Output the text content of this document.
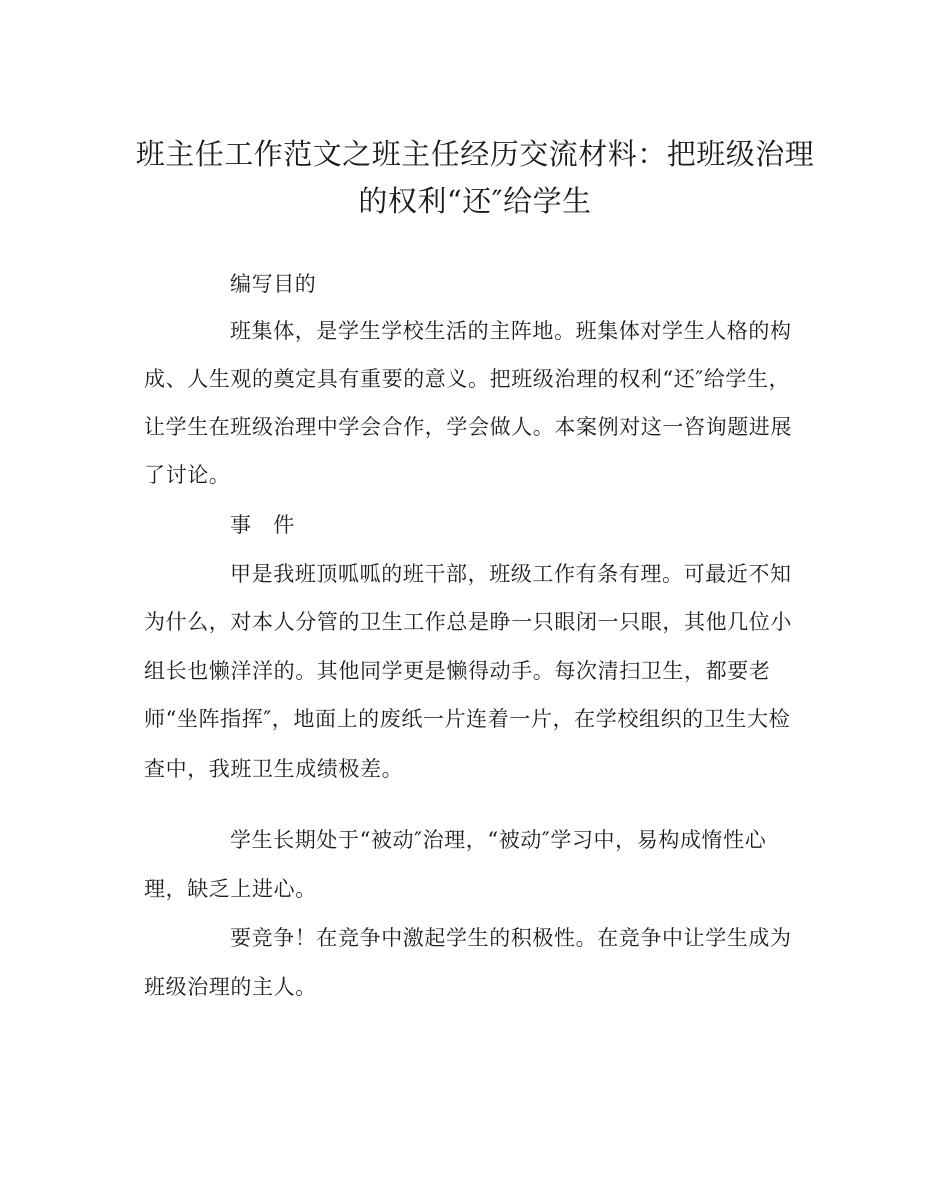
班主任工作范文之班主任经历交流材料：把班级治理
的权利“还″给学生

编写目的

班集体，是学生学校生活的主阵地。班集体对学生人格的构

成、人生观的奠定具有重要的意义。把班级治理的权利“还″给学生，

让学生在班级治理中学会合作，学会做人。本案例对这一咨询题进展

了讨论。

事　件

甲是我班顶呱呱的班干部，班级工作有条有理。可最近不知

为什么，对本人分管的卫生工作总是睁一只眼闭一只眼，其他几位小

组长也懒洋洋的。其他同学更是懒得动手。每次清扫卫生，都要老

师“坐阵指挥″，地面上的废纸一片连着一片，在学校组织的卫生大检

查中，我班卫生成绩极差。

学生长期处于“被动″治理，“被动″学习中，易构成惰性心

理，缺乏上进心。

要竞争！在竞争中激起学生的积极性。在竞争中让学生成为

班级治理的主人。
